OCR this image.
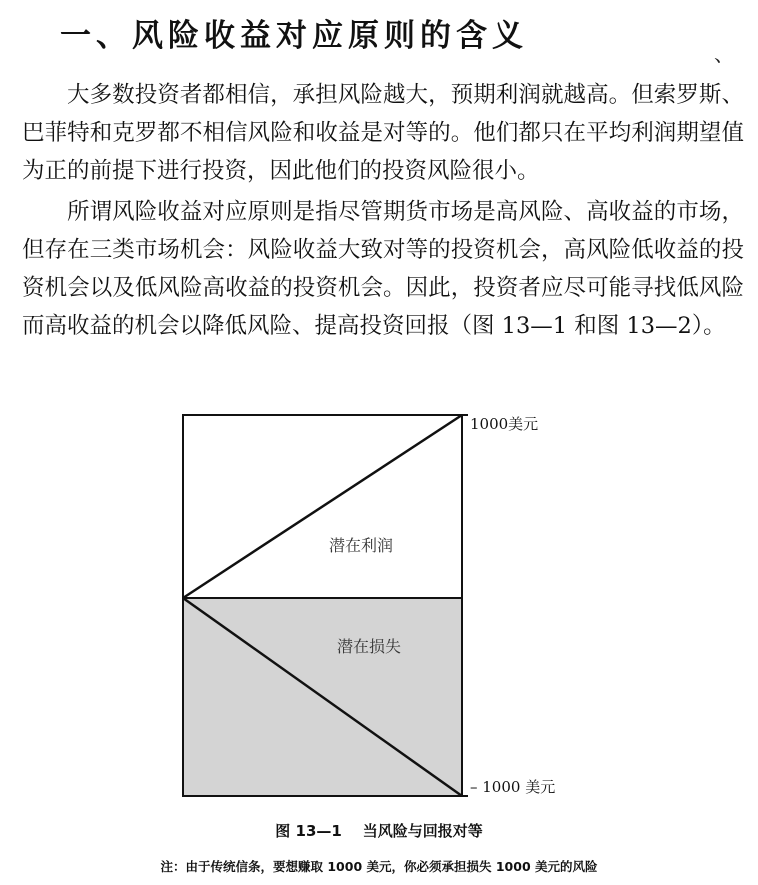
一、风险收益对应原则的含义	、

大多数投资者都相信，承担风险越大，预期利润就越高。但索罗斯、巴菲特和克罗都不相信风险和收益是对等的。他们都只在平均利润期望值为正的前提下进行投资，因此他们的投资风险很小。

所谓风险收益对应原则是指尽管期货市场是高风险、高收益的市场，但存在三类市场机会：风险收益大致对等的投资机会，高风险低收益的投资机会以及低风险高收益的投资机会。因此，投资者应尽可能寻找低风险而高收益的机会以降低风险、提高投资回报（图 13—1 和图 13—2）。

1000美元
– 1000 美元
潜在利润
潜在损失
图 13—1    当风险与回报对等
注：由于传统信条，要想赚取 1000 美元，你必须承担损失 1000 美元的风险
